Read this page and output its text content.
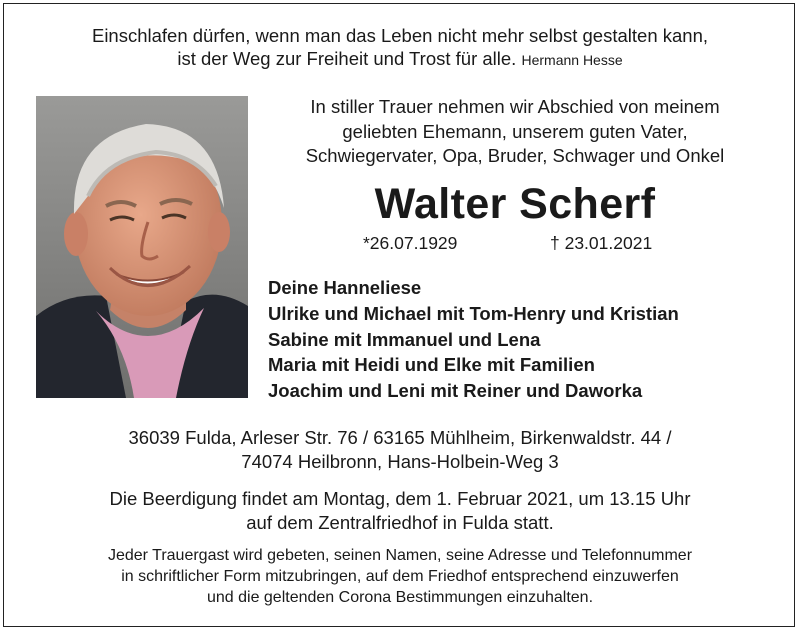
Einschlafen dürfen, wenn man das Leben nicht mehr selbst gestalten kann,
ist der Weg zur Freiheit und Trost für alle. Hermann Hesse
In stiller Trauer nehmen wir Abschied von meinem
geliebten Ehemann, unserem guten Vater,
Schwiegervater, Opa, Bruder, Schwager und Onkel
Walter Scherf
*26.07.1929	† 23.01.2021
Deine Hanneliese
Ulrike und Michael mit Tom-Henry und Kristian
Sabine mit Immanuel und Lena
Maria mit Heidi und Elke mit Familien
Joachim und Leni mit Reiner und Daworka
36039 Fulda, Arleser Str. 76 / 63165 Mühlheim, Birkenwaldstr. 44 /
74074 Heilbronn, Hans-Holbein-Weg 3
Die Beerdigung findet am Montag, dem 1. Februar 2021, um 13.15 Uhr
auf dem Zentralfriedhof in Fulda statt.
Jeder Trauergast wird gebeten, seinen Namen, seine Adresse und Telefonnummer
in schriftlicher Form mitzubringen, auf dem Friedhof entsprechend einzuwerfen
und die geltenden Corona Bestimmungen einzuhalten.
